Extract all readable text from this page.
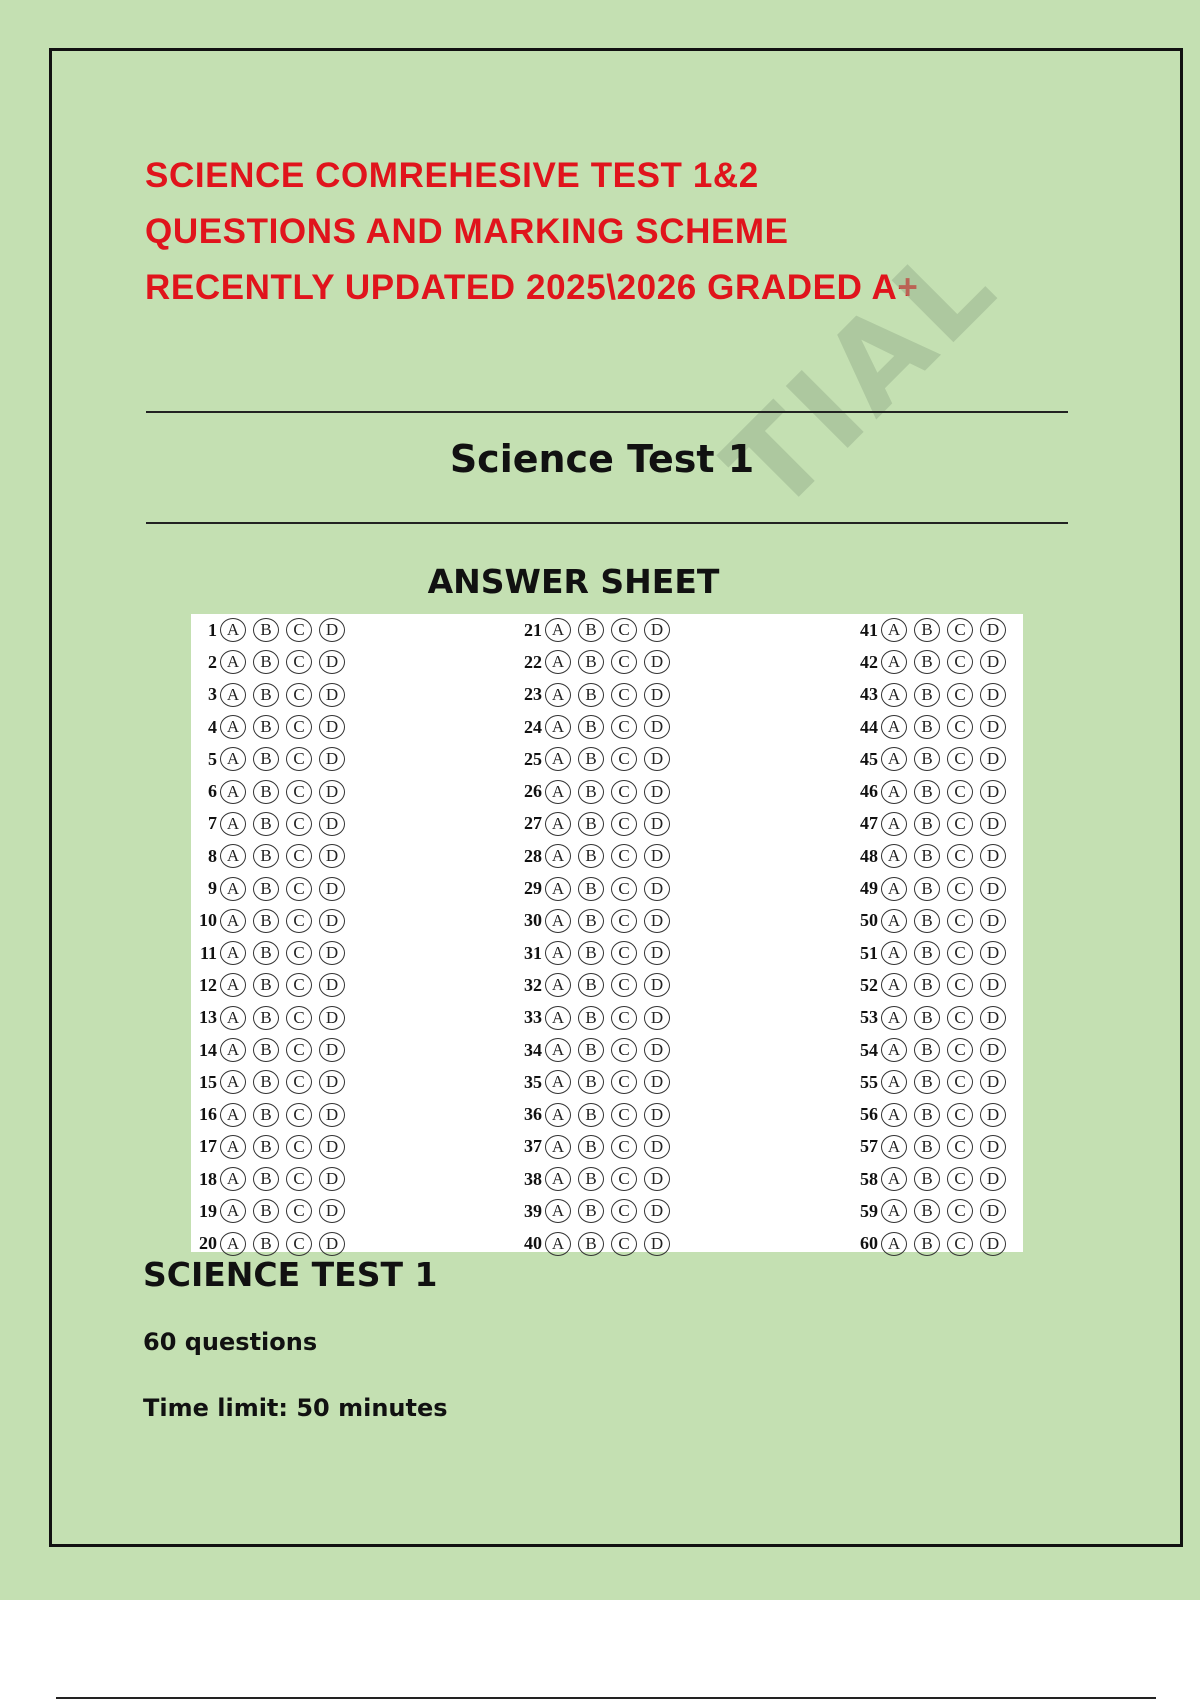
SCIENCE COMREHESIVE TEST 1&2
QUESTIONS AND MARKING SCHEME
RECENTLY UPDATED 2025\2026 GRADED A+
TIAL
Science Test 1
ANSWER SHEET
1 A	B	C	D
2 A	B	C	D
3 A	B	C	D
4 A	B	C	D
5 A	B	C	D
6 A	B	C	D
7 A	B	C	D
8 A	B	C	D
9 A	B	C	D
10 A	B	C	D
11 A	B	C	D
12 A	B	C	D
13 A	B	C	D
14 A	B	C	D
15 A	B	C	D
16 A	B	C	D
17 A	B	C	D
18 A	B	C	D
19 A	B	C	D
20 A	B	C	D
21 A	B	C	D
22 A	B	C	D
23 A	B	C	D
24 A	B	C	D
25 A	B	C	D
26 A	B	C	D
27 A	B	C	D
28 A	B	C	D
29 A	B	C	D
30 A	B	C	D
31 A	B	C	D
32 A	B	C	D
33 A	B	C	D
34 A	B	C	D
35 A	B	C	D
36 A	B	C	D
37 A	B	C	D
38 A	B	C	D
39 A	B	C	D
40 A	B	C	D
41 A	B	C	D
42 A	B	C	D
43 A	B	C	D
44 A	B	C	D
45 A	B	C	D
46 A	B	C	D
47 A	B	C	D
48 A	B	C	D
49 A	B	C	D
50 A	B	C	D
51 A	B	C	D
52 A	B	C	D
53 A	B	C	D
54 A	B	C	D
55 A	B	C	D
56 A	B	C	D
57 A	B	C	D
58 A	B	C	D
59 A	B	C	D
60 A	B	C	D
SCIENCE TEST 1

60 questions

Time limit: 50 minutes
